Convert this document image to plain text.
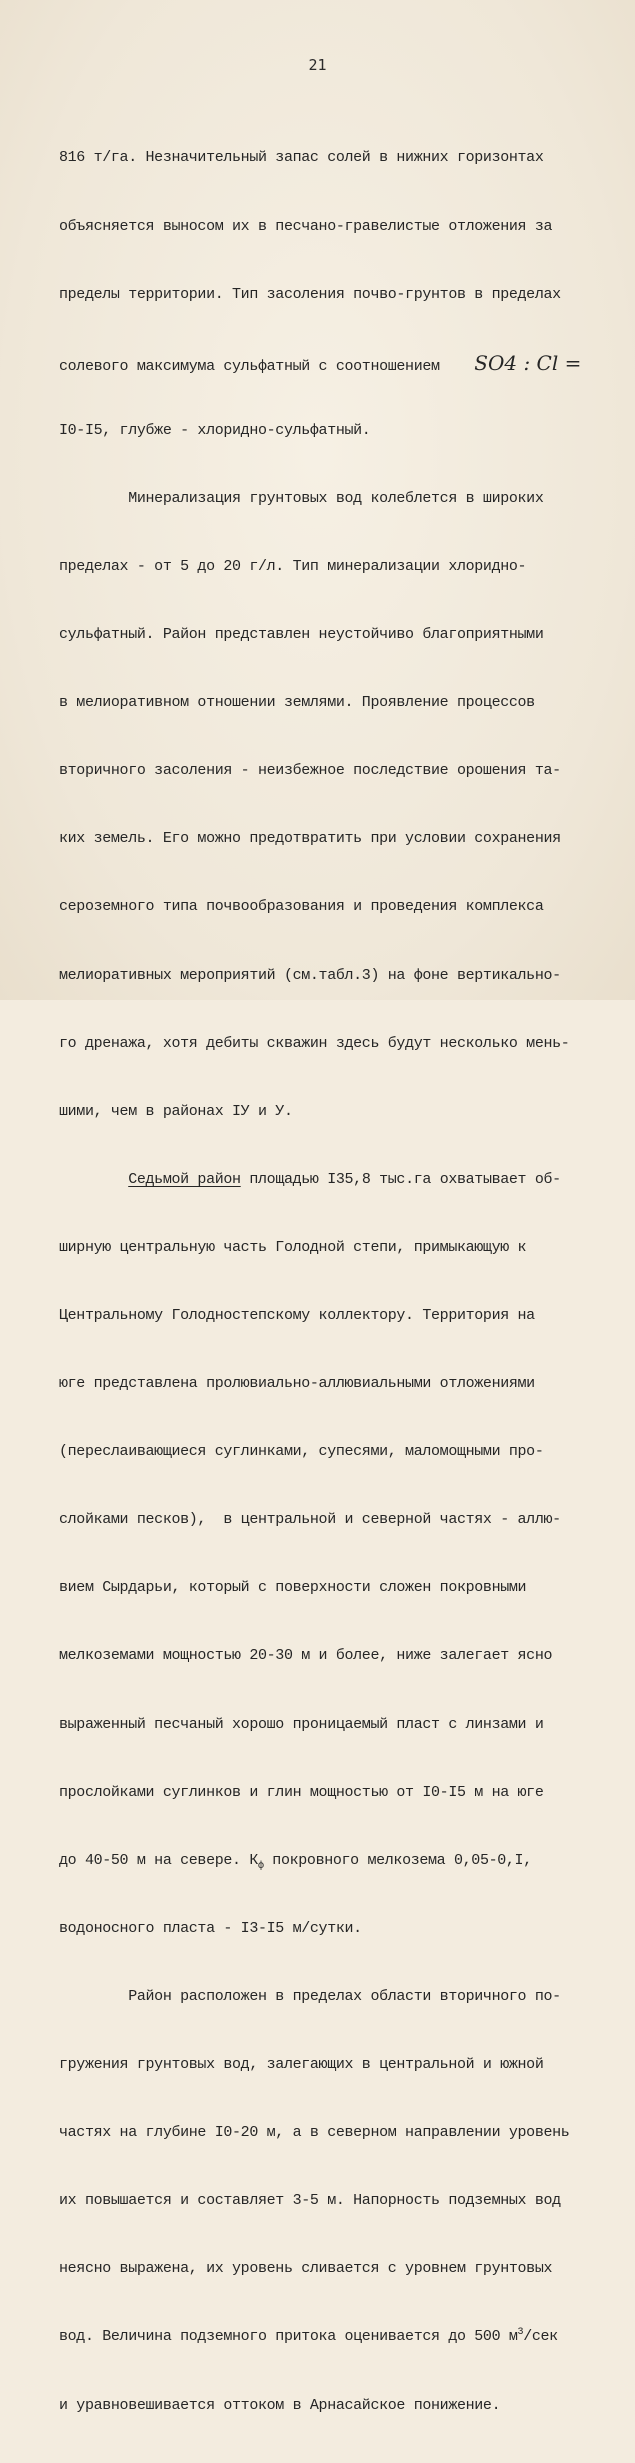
21

816 т/га. Незначительный запас солей в нижних горизонтах

объясняется выносом их в песчано-гравелистые отложения за

пределы территории. Тип засоления почво-грунтов в пределах

солевого максимума сульфатный с соотношением SO4 : Cl =

I0-I5, глубже - хлоридно-сульфатный.

Минерализация грунтовых вод колеблется в широких

пределах - от 5 до 20 г/л. Тип минерализации хлоридно-

сульфатный. Район представлен неустойчиво благоприятными

в мелиоративном отношении землями. Проявление процессов

вторичного засоления - неизбежное последствие орошения та-

ких земель. Его можно предотвратить при условии сохранения

сероземного типа почвообразования и проведения комплекса

мелиоративных мероприятий (см.табл.3) на фоне вертикально-

го дренажа, хотя дебиты скважин здесь будут несколько мень-

шими, чем в районах IУ и У.

Седьмой район площадью I35,8 тыс.га охватывает об-

ширную центральную часть Голодной степи, примыкающую к

Центральному Голодностепскому коллектору. Территория на

юге представлена пролювиально-аллювиальными отложениями

(переслаивающиеся суглинками, супесями, маломощными про-

слойками песков),  в центральной и северной частях - аллю-

вием Сырдарьи, который с поверхности сложен покровными

мелкоземами мощностью 20-30 м и более, ниже залегает ясно

выраженный песчаный хорошо проницаемый пласт с линзами и

прослойками суглинков и глин мощностью от I0-I5 м на юге

до 40-50 м на севере. $К_ф$ покровного мелкозема 0,05-0,I,

водоносного пласта - I3-I5 м/сутки.

Район расположен в пределах области вторичного по-

гружения грунтовых вод, залегающих в центральной и южной

частях на глубине I0-20 м, а в северном направлении уровень

их повышается и составляет 3-5 м. Напорность подземных вод

неясно выражена, их уровень сливается с уровнем грунтовых

вод. Величина подземного притока оценивается до 500 $м^3$/сек

и уравновешивается оттоком в Арнасайское понижение.
